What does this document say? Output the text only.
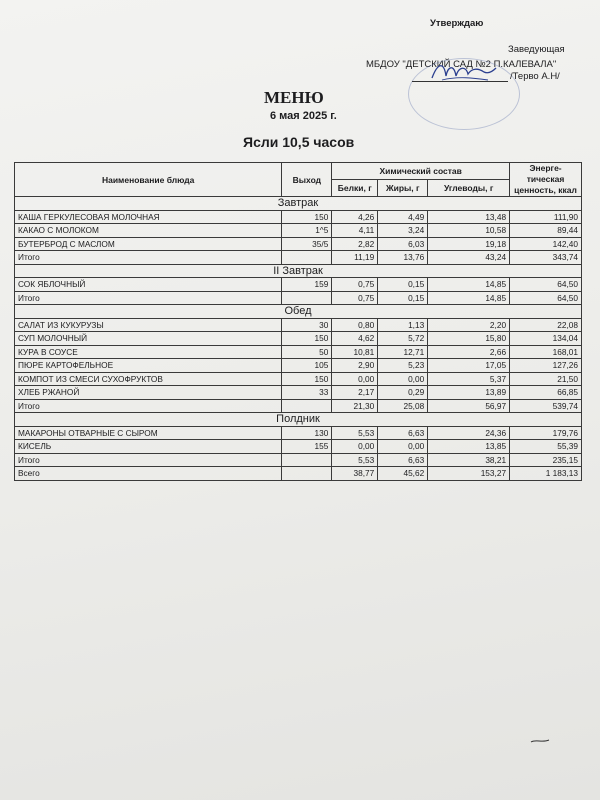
Утверждаю
Заведующая
МБДОУ "ДЕТСКИЙ САД №2 П.КАЛЕВАЛА"
/Терво А.Н/
МЕНЮ
6 мая 2025 г.
Ясли 10,5 часов
Наименование блюда	Выход	Химический состав			Энерге-тическая ценность, ккал
		Белки, г	Жиры, г	Углеводы, г	
Завтрак					
КАША ГЕРКУЛЕСОВАЯ МОЛОЧНАЯ	150	4,26	4,49	13,48	111,90
КАКАО С МОЛОКОМ	1^5	4,11	3,24	10,58	89,44
БУТЕРБРОД С МАСЛОМ	35/5	2,82	6,03	19,18	142,40
Итого		11,19	13,76	43,24	343,74
II Завтрак					
СОК ЯБЛОЧНЫЙ	159	0,75	0,15	14,85	64,50
Итого		0,75	0,15	14,85	64,50
Обед					
САЛАТ ИЗ КУКУРУЗЫ	30	0,80	1,13	2,20	22,08
СУП МОЛОЧНЫЙ	150	4,62	5,72	15,80	134,04
КУРА В СОУСЕ	50	10,81	12,71	2,66	168,01
ПЮРЕ КАРТОФЕЛЬНОЕ	105	2,90	5,23	17,05	127,26
КОМПОТ ИЗ СМЕСИ СУХОФРУКТОВ	150	0,00	0,00	5,37	21,50
ХЛЕБ РЖАНОЙ	33	2,17	0,29	13,89	66,85
Итого		21,30	25,08	56,97	539,74
Полдник					
МАКАРОНЫ ОТВАРНЫЕ С СЫРОМ	130	5,53	6,63	24,36	179,76
КИСЕЛЬ	155	0,00	0,00	13,85	55,39
Итого		5,53	6,63	38,21	235,15
Всего		38,77	45,62	153,27	1 183,13
